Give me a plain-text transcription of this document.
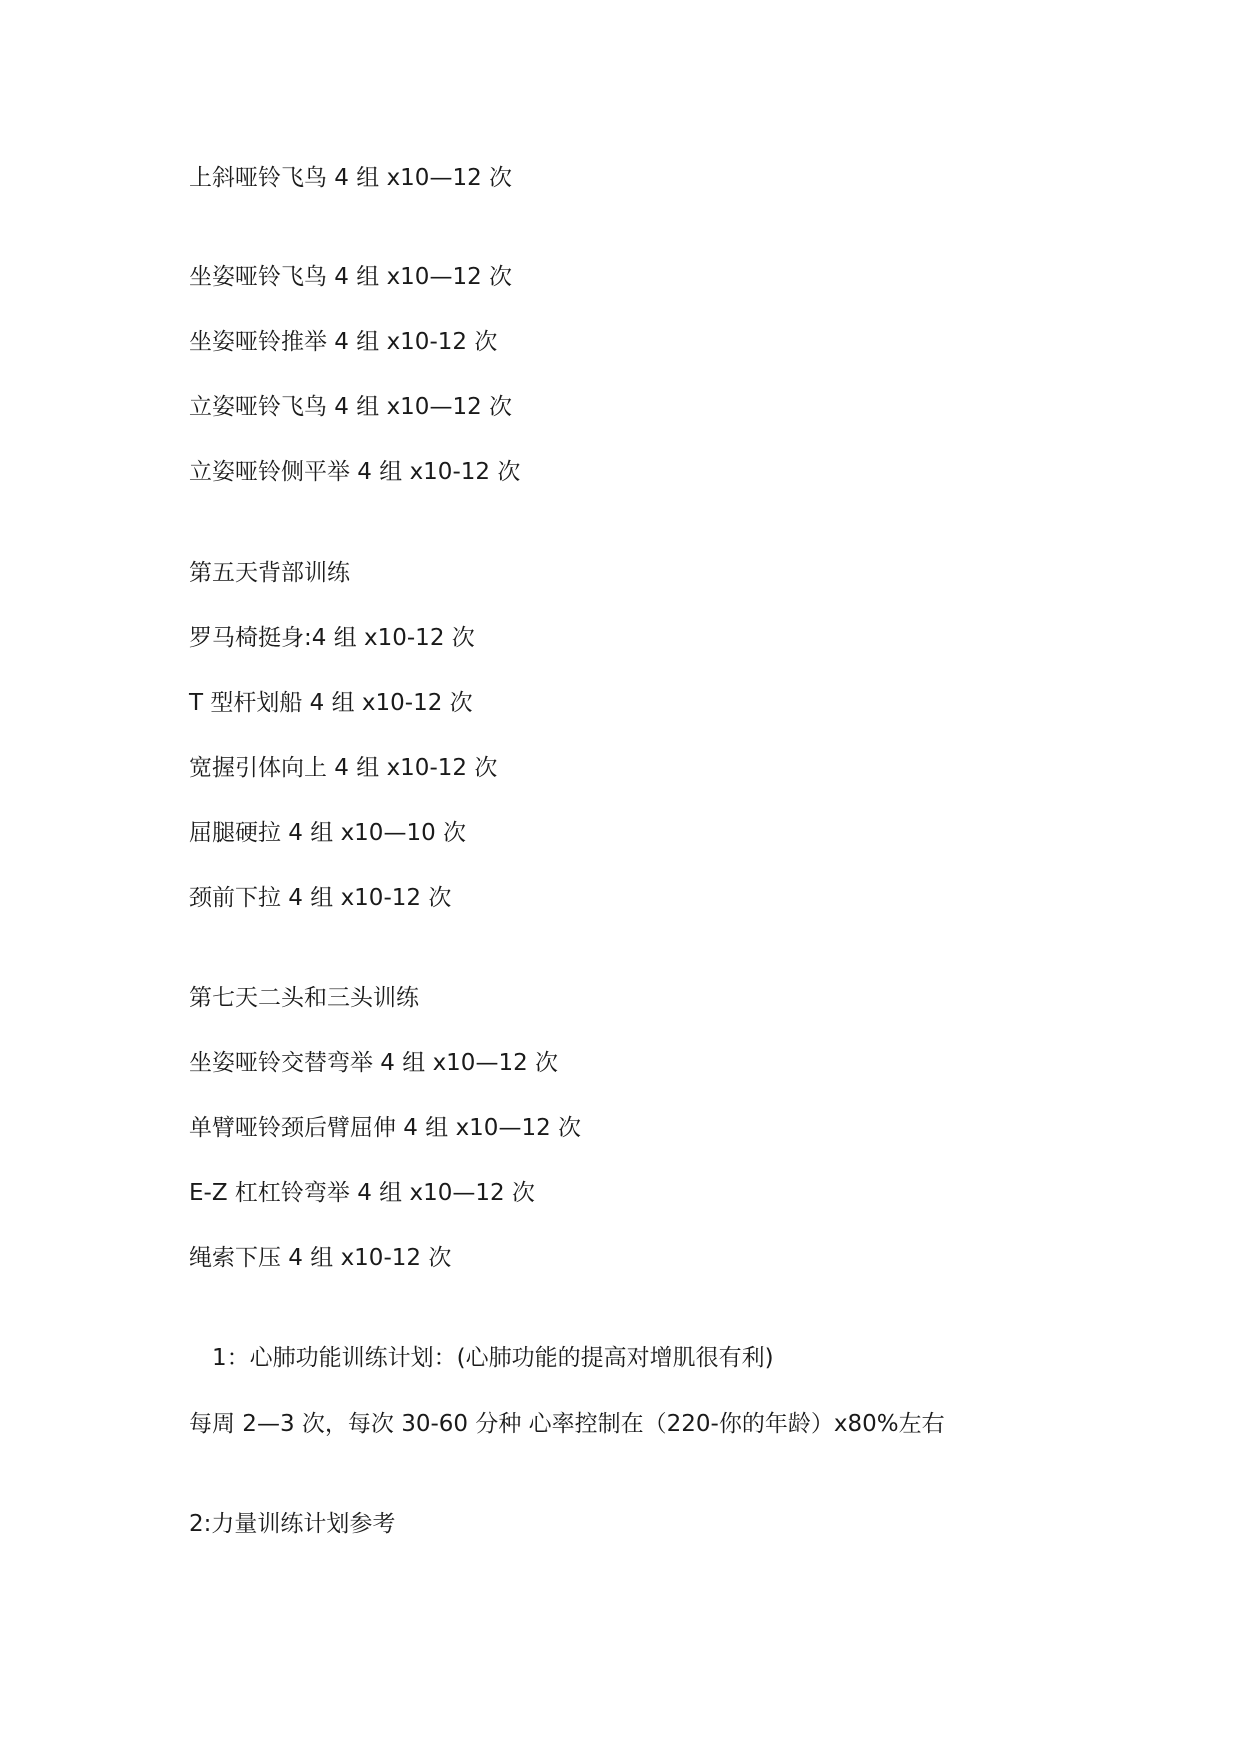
上斜哑铃飞鸟 4 组 x10—12 次
坐姿哑铃飞鸟 4 组 x10—12 次
坐姿哑铃推举 4 组 x10-12 次
立姿哑铃飞鸟 4 组 x10—12 次
立姿哑铃侧平举 4 组 x10-12 次
第五天背部训练
罗马椅挺身:4 组 x10-12 次
T 型杆划船 4 组 x10-12 次
宽握引体向上 4 组 x10-12 次
屈腿硬拉 4 组 x10—10 次
颈前下拉 4 组 x10-12 次
第七天二头和三头训练
坐姿哑铃交替弯举 4 组 x10—12 次
单臂哑铃颈后臂屈伸 4 组 x10—12 次
E-Z 杠杠铃弯举 4 组 x10—12 次
绳索下压 4 组 x10-12 次
1：心肺功能训练计划：(心肺功能的提高对增肌很有利)
每周 2—3 次，每次 30-60 分种 心率控制在（220-你的年龄）x80%左右
2:力量训练计划参考
